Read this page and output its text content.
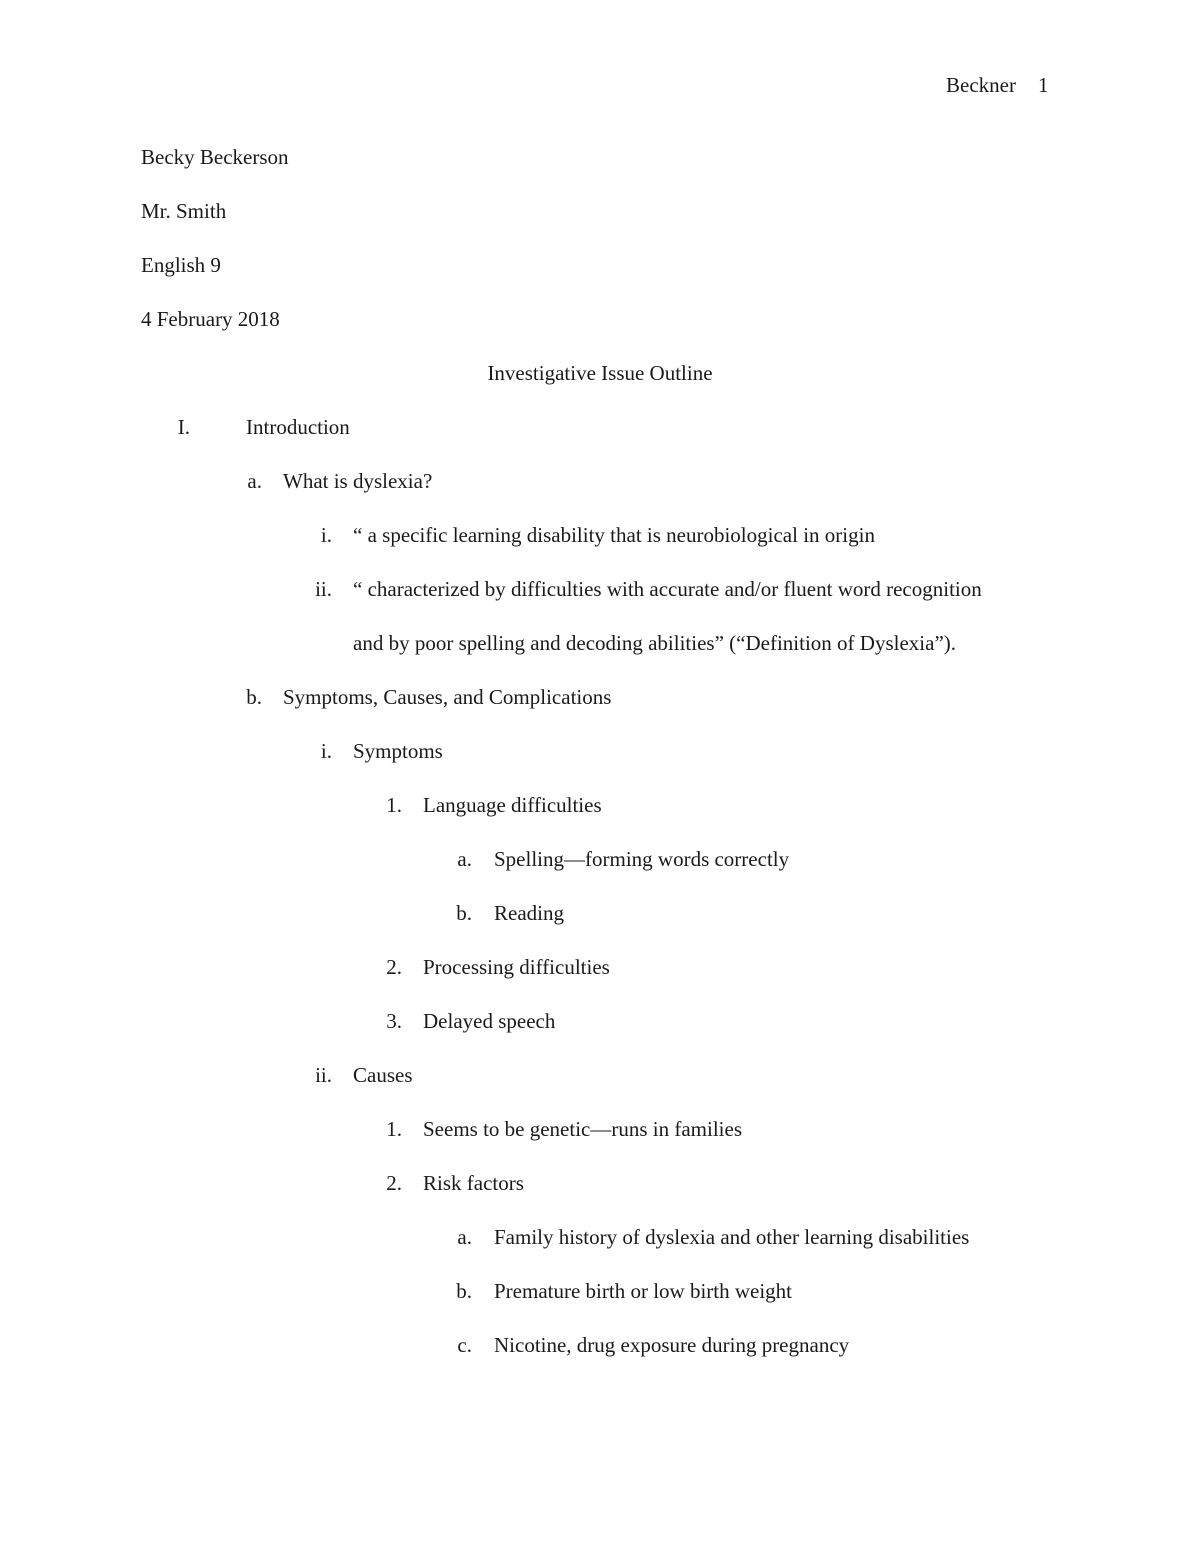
Beckner 1
Becky Beckerson
Mr. Smith
English 9
4 February 2018
Investigative Issue Outline
I.	Introduction
a. What is dyslexia?
i. “ a specific learning disability that is neurobiological in origin
ii. “ characterized by difficulties with accurate and/or fluent word recognition
and by poor spelling and decoding abilities” (“Definition of Dyslexia”).
b. Symptoms, Causes, and Complications
i. Symptoms
1. Language difficulties
a. Spelling—forming words correctly
b. Reading
2. Processing difficulties
3. Delayed speech
ii. Causes
1. Seems to be genetic—runs in families
2. Risk factors
a. Family history of dyslexia and other learning disabilities
b. Premature birth or low birth weight
c. Nicotine, drug exposure during pregnancy
